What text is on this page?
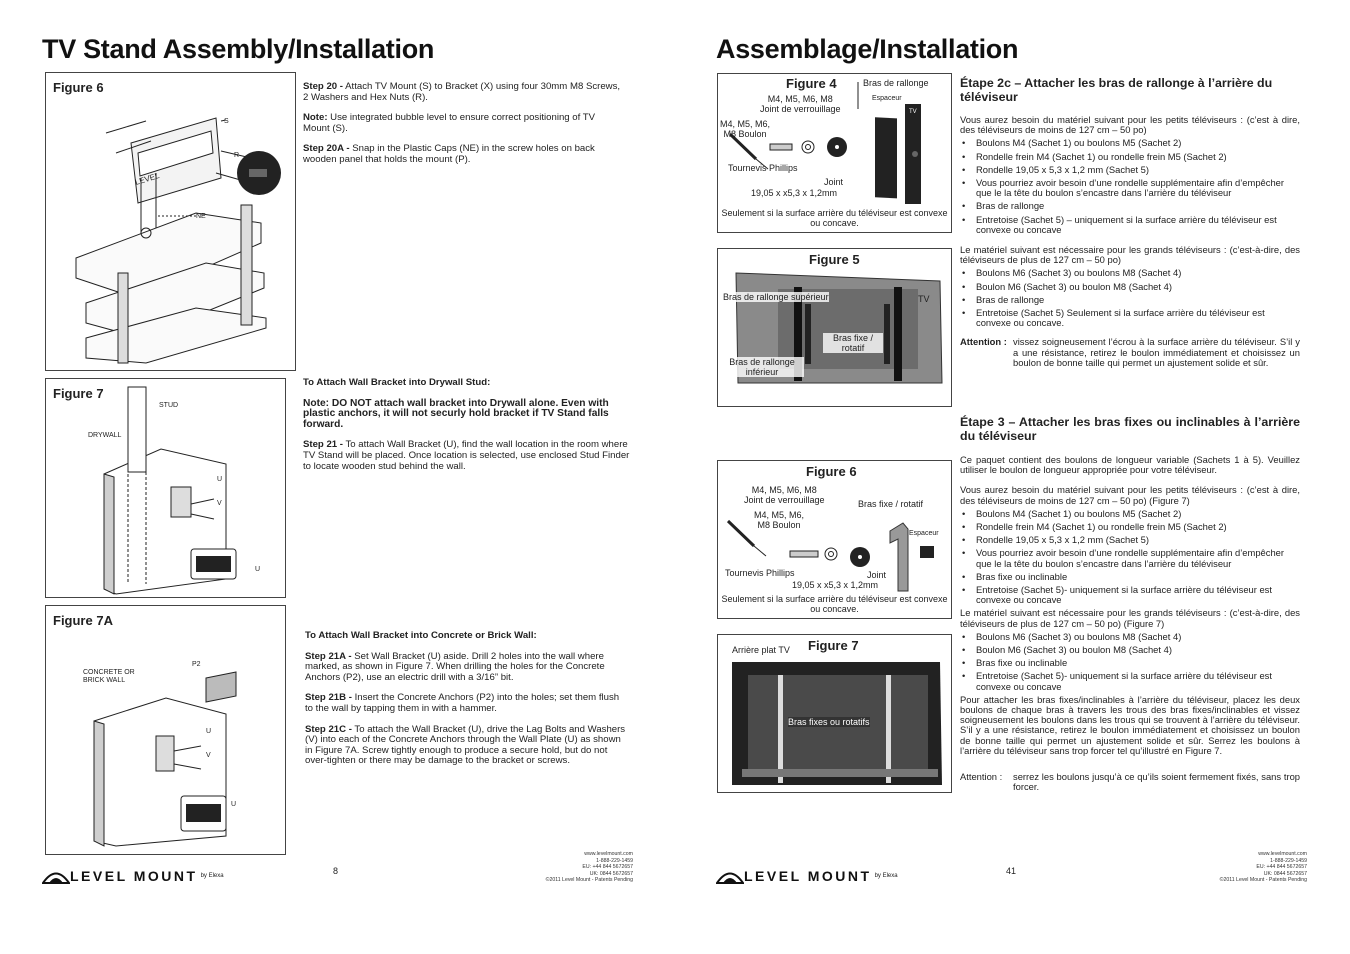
TV Stand Assembly/Installation
Figure 6
LEVEL
S
R
NE
Figure 7
STUD
DRYWALL
U
V
U
Figure 7A
CONCRETE OR BRICK WALL
P2
U
V
U

Step 20 - Attach TV Mount (S) to Bracket (X) using four 30mm M8 Screws, 2 Washers and Hex Nuts (R).

Note: Use integrated bubble level to ensure correct positioning of TV Mount (S).

Step 20A - Snap in the Plastic Caps (NE) in the screw holes on back wooden panel that holds the mount (P).

To Attach Wall Bracket into Drywall Stud:

Note: DO NOT attach wall bracket into Drywall alone. Even with plastic anchors, it will not securly hold bracket if TV Stand falls forward.

Step 21 - To attach Wall Bracket (U), find the wall location in the room where TV Stand will be placed. Once location is selected, use enclosed Stud Finder to locate wooden stud behind the wall.

To Attach Wall Bracket into Concrete or Brick Wall:

Step 21A - Set Wall Bracket (U) aside. Drill 2 holes into the wall where marked, as shown in Figure 7. When drilling the holes for the Concrete Anchors (P2), use an electric drill with a 3/16” bit.

Step 21B - Insert the Concrete Anchors (P2) into the holes; set them flush to the wall by tapping them in with a hammer.

Step 21C - To attach the Wall Bracket (U), drive the Lag Bolts and Washers (V) into each of the Concrete Anchors through the Wall Plate (U) as shown in Figure 7A. Screw tightly enough to produce a secure hold, but do not over-tighten or there may be damage to the bracket or screws.

LEVEL MOUNT by Elexa	8
www.levelmount.com
1-888-229-1459
EU: +44 844 5672657
UK: 0844 5672657
©2011 Level Mount - Patents Pending
Assemblage/Installation
Figure 4
M4, M5, M6, M8
Joint de verrouillage
M4, M5, M6,
M8 Boulon
Tournevis Phillips
Joint
19,05 x x5,3 x 1,2mm
Bras de rallonge
Espaceur
TV
Seulement si la surface arrière du téléviseur est convexe ou concave.
Figure 5
Bras de rallonge supérieur	TV
Bras fixe / rotatif
Bras de rallonge inférieur
Figure 6
M4, M5, M6, M8
Joint de verrouillage
M4, M5, M6,
M8 Boulon
Bras fixe / rotatif
Espaceur
Tournevis Phillips	Joint
19,05 x x5,3 x 1,2mm
Seulement si la surface arrière du téléviseur est convexe ou concave.
Figure 7
Arrière plat TV
Bras fixes ou rotatifs
Étape 2c – Attacher les bras de rallonge à l’arrière du téléviseur
Vous aurez besoin du matériel suivant pour les petits téléviseurs : (c’est à dire, des téléviseurs de moins de 127 cm – 50 po)
• Boulons M4 (Sachet 1) ou boulons M5 (Sachet 2)
• Rondelle frein M4 (Sachet 1) ou rondelle frein M5 (Sachet 2)
• Rondelle 19,05 x 5,3 x 1,2 mm (Sachet 5)
• Vous pourriez avoir besoin d’une rondelle supplémentaire afin d’empêcher que le la tête du boulon s’encastre dans l’arrière du téléviseur
• Bras de rallonge
• Entretoise (Sachet 5) – uniquement si la surface arrière du téléviseur est convexe ou concave
Le matériel suivant est nécessaire pour les grands téléviseurs : (c’est-à-dire, des téléviseurs de plus de 127 cm – 50 po)
• Boulons M6 (Sachet 3) ou boulons M8 (Sachet 4)
• Boulon M6 (Sachet 3) ou boulon M8 (Sachet 4)
• Bras de rallonge
• Entretoise (Sachet 5) Seulement si la surface arrière du téléviseur est convexe ou concave.
Attention : vissez soigneusement l’écrou à la surface arrière du téléviseur. S’il y a une résistance, retirez le boulon immédiatement et choisissez un boulon de bonne taille qui permet un ajustement solide et sûr.
Étape 3 – Attacher les bras fixes ou inclinables à l’arrière du téléviseur
Ce paquet contient des boulons de longueur variable (Sachets 1 à 5). Veuillez utiliser le boulon de longueur appropriée pour votre téléviseur.
Vous aurez besoin du matériel suivant pour les petits téléviseurs : (c’est à dire, des téléviseurs de moins de 127 cm – 50 po) (Figure 7)
• Boulons M4 (Sachet 1) ou boulons M5 (Sachet 2)
• Rondelle frein M4 (Sachet 1) ou rondelle frein M5 (Sachet 2)
• Rondelle 19,05 x 5,3 x 1,2 mm (Sachet 5)
• Vous pourriez avoir besoin d’une rondelle supplémentaire afin d’empêcher que le la tête du boulon s’encastre dans l’arrière du téléviseur
• Bras fixe ou inclinable
• Entretoise (Sachet 5)- uniquement si la surface arrière du téléviseur est convexe ou concave
Le matériel suivant est nécessaire pour les grands téléviseurs : (c’est-à-dire, des téléviseurs de plus de 127 cm – 50 po) (Figure 7)
• Boulons M6 (Sachet 3) ou boulons M8 (Sachet 4)
• Boulon M6 (Sachet 3) ou boulon M8 (Sachet 4)
• Bras fixe ou inclinable
• Entretoise (Sachet 5)- uniquement si la surface arrière du téléviseur est convexe ou concave
Pour attacher les bras fixes/inclinables à l’arrière du téléviseur, placez les deux boulons de chaque bras à travers les trous des bras fixes/inclinables et vissez soigneusement les boulons dans les trous qui se trouvent à l’arrière du téléviseur. S’il y a une résistance, retirez le boulon immédiatement et choisissez un boulon de bonne taille qui permet un ajustement solide et sûr. Serrez les boulons à l’arrière du téléviseur sans trop forcer tel qu’illustré en Figure 7.
Attention :	serrez les boulons jusqu’à ce qu’ils soient fermement fixés, sans trop forcer.
LEVEL MOUNT by Elexa	41
www.levelmount.com
1-888-229-1459
EU: +44 844 5672657
UK: 0844 5672657
©2011 Level Mount - Patents Pending
